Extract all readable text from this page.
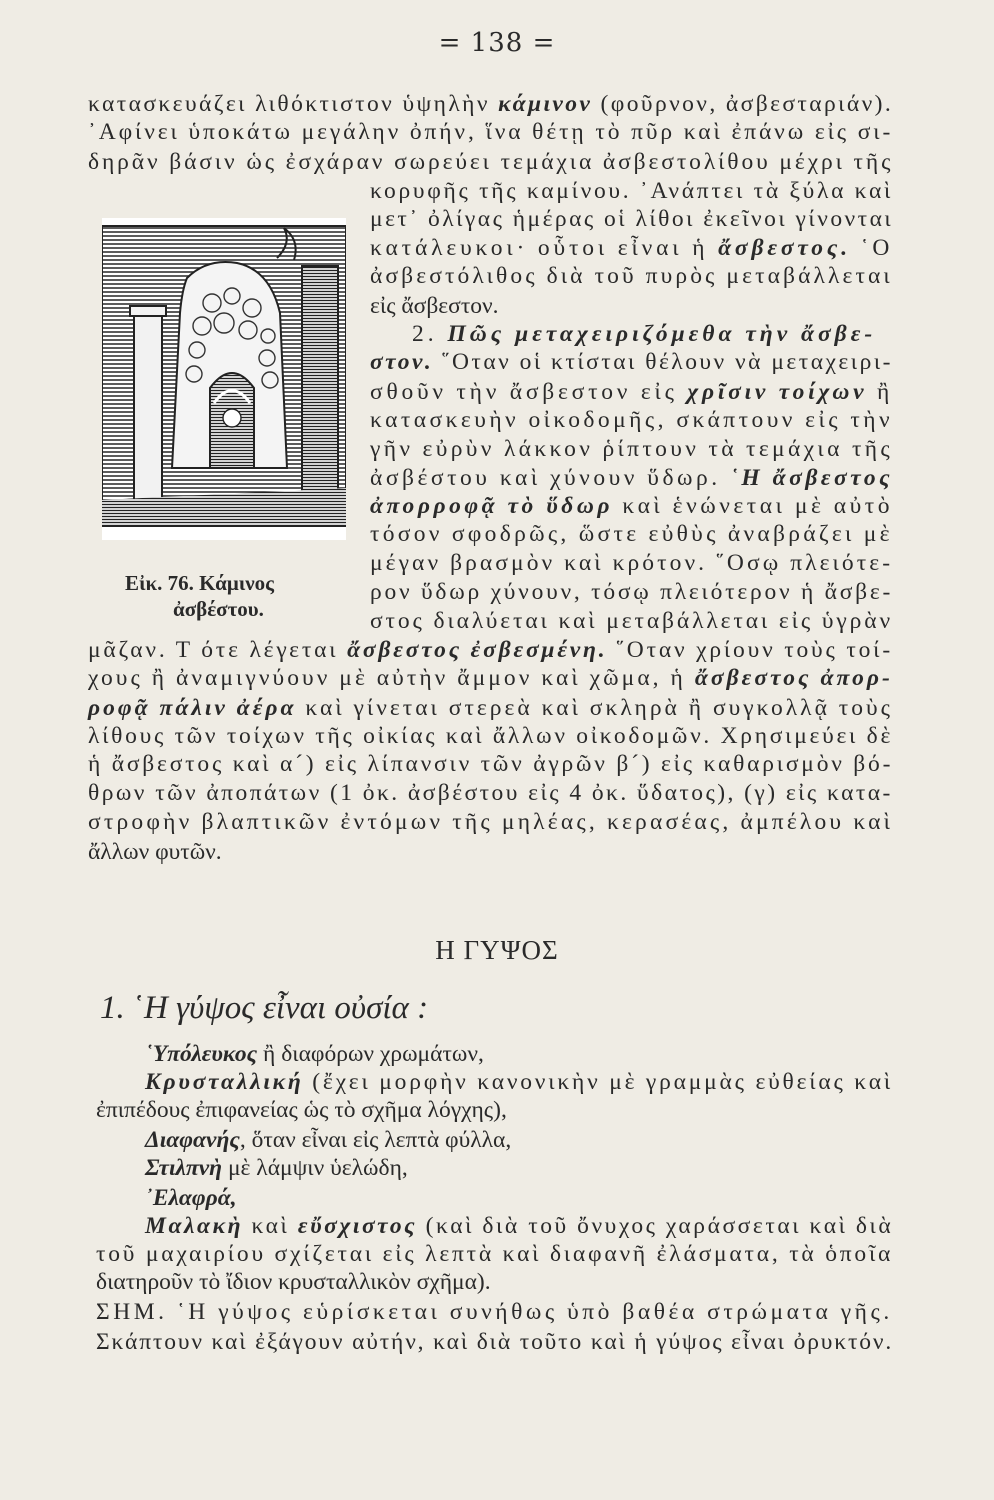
= 138 =
Εἰκ. 76. Κάμινος
ἀσβέστου.
κατασκευάζει λιθόκτιστον ὑψηλὴν κάμινον (φοῦρνον, ἀσβεσταριάν).
᾿Αφίνει ὑποκάτω μεγάλην ὀπήν, ἵνα θέτῃ τὸ πῦρ καὶ ἐπάνω εἰς σι-
δηρᾶν βάσιν ὡς ἐσχάραν σωρεύει τεμάχια ἀσβεστολίθου μέχρι τῆς
κορυφῆς τῆς καμίνου. ᾿Ανάπτει τὰ ξύλα καὶ
μετ᾿ ὀλίγας ἡμέρας οἱ λίθοι ἐκεῖνοι γίνονται
κατάλευκοι· οὗτοι εἶναι ἡ ἄσβεστος. ῾Ο
ἀσβεστόλιθος διὰ τοῦ πυρὸς μεταβάλλεται
εἰς ἄσβεστον.
2. Πῶς μεταχειριζόμεθα τὴν ἄσβε-
στον. ῞Οταν οἱ κτίσται θέλουν νὰ μεταχειρι-
σθοῦν τὴν ἄσβεστον εἰς χρῖσιν τοίχων ἢ
κατασκευὴν οἰκοδομῆς, σκάπτουν εἰς τὴν
γῆν εὐρὺν λάκκον ῥίπτουν τὰ τεμάχια τῆς
ἀσβέστου καὶ χύνουν ὕδωρ. ῾Η ἄσβεστος
ἀπορροφᾷ τὸ ὕδωρ καὶ ἑνώνεται μὲ αὐτὸ
τόσον σφοδρῶς, ὥστε εὐθὺς ἀναβράζει μὲ
μέγαν βρασμὸν καὶ κρότον. ῞Οσῳ πλειότε-
ρον ὕδωρ χύνουν, τόσῳ πλειότερον ἡ ἄσβε-
στος διαλύεται καὶ μεταβάλλεται εἰς ὑγρὰν
μᾶζαν. Τ ότε λέγεται ἄσβεστος ἐσβεσμένη. ῞Οταν χρίουν τοὺς τοί-
χους ἢ ἀναμιγνύουν μὲ αὐτὴν ἄμμον καὶ χῶμα, ἡ ἄσβεστος ἀπορ-
ροφᾷ πάλιν ἀέρα καὶ γίνεται στερεὰ καὶ σκληρὰ ἢ συγκολλᾷ τοὺς
λίθους τῶν τοίχων τῆς οἰκίας καὶ ἄλλων οἰκοδομῶν. Χρησιμεύει δὲ
ἡ ἄσβεστος καὶ α´) εἰς λίπανσιν τῶν ἀγρῶν β´) εἰς καθαρισμὸν βό-
θρων τῶν ἀποπάτων (1 ὀκ. ἀσβέστου εἰς 4 ὀκ. ὕδατος), (γ) εἰς κατα-
στροφὴν βλαπτικῶν ἐντόμων τῆς μηλέας, κερασέας, ἀμπέλου καὶ
ἄλλων φυτῶν.
Η ΓΥΨΟΣ
1. ῾Η γύψος εἶναι οὐσία :
῾Υπόλευκος ἢ διαφόρων χρωμάτων,
Κρυσταλλική (ἔχει μορφὴν κανονικὴν μὲ γραμμὰς εὐθείας καὶ
ἐπιπέδους ἐπιφανείας ὡς τὸ σχῆμα λόγχης),
Διαφανής, ὅταν εἶναι εἰς λεπτὰ φύλλα,
Στιλπνὴ μὲ λάμψιν ὑελώδη,
᾿Ελαφρά,
Μαλακὴ καὶ εὔσχιστος (καὶ διὰ τοῦ ὄνυχος χαράσσεται καὶ διὰ
τοῦ μαχαιρίου σχίζεται εἰς λεπτὰ καὶ διαφανῆ ἐλάσματα, τὰ ὁποῖα
διατηροῦν τὸ ἴδιον κρυσταλλικὸν σχῆμα).
ΣΗΜ. ῾Η γύψος εὑρίσκεται συνήθως ὑπὸ βαθέα στρώματα γῆς.
Σκάπτουν καὶ ἐξάγουν αὐτήν, καὶ διὰ τοῦτο καὶ ἡ γύψος εἶναι ὀρυκτόν.
